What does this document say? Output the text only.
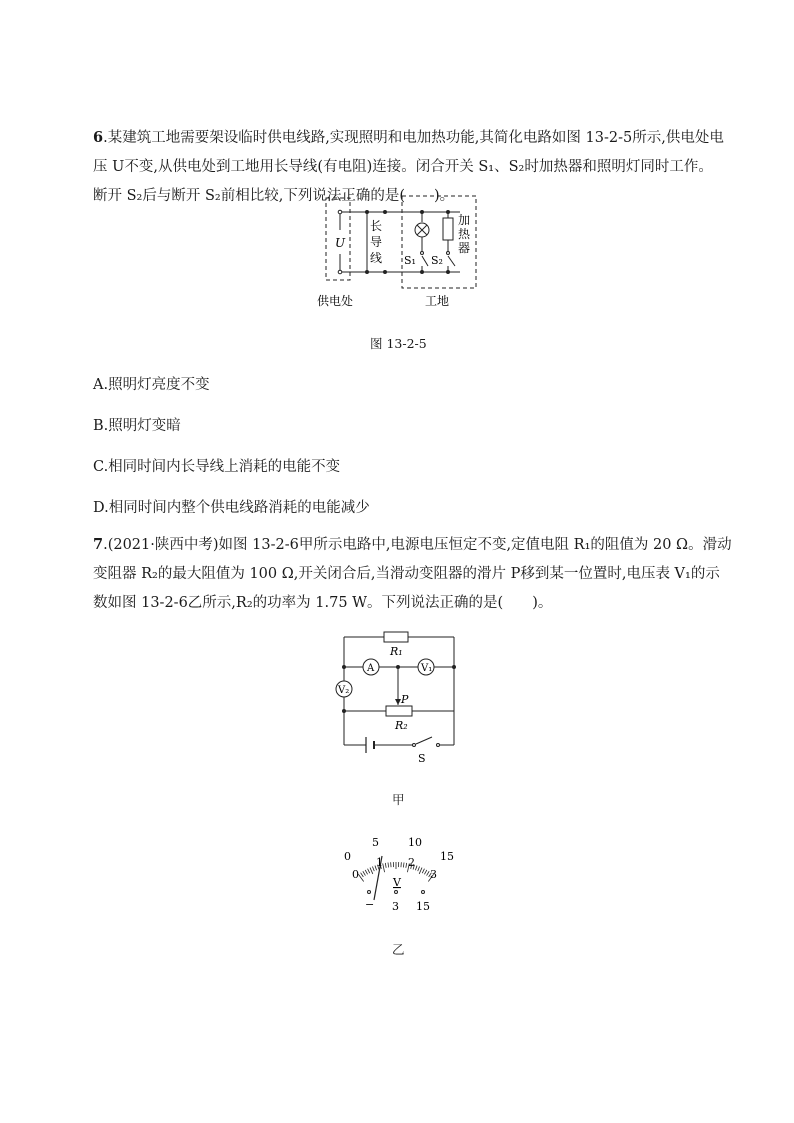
6.某建筑工地需要架设临时供电线路,实现照明和电加热功能,其简化电路如图 13-2-5所示,供电处电
压 U不变,从供电处到工地用长导线(有电阻)连接。闭合开关 S₁、S₂时加热器和照明灯同时工作。
断开 S₂后与断开 S₂前相比较,下列说法正确的是(　　)。
U
长
导
线
加
热
器
S₁ S₂
供电处	工地
图 13-2-5
A.照明灯亮度不变
B.照明灯变暗
C.相同时间内长导线上消耗的电能不变
D.相同时间内整个供电线路消耗的电能减少
7.(2021·陕西中考)如图 13-2-6甲所示电路中,电源电压恒定不变,定值电阻 R₁的阻值为 20 Ω。滑动
变阻器 R₂的最大阻值为 100 Ω,开关闭合后,当滑动变阻器的滑片 P移到某一位置时,电压表 V₁的示
数如图 13-2-6乙所示,R₂的功率为 1.75 W。下列说法正确的是(　　)。
A	V₁
V₂
R₁
P
R₂
S
甲
0
5	10
15
0
1 2
3
V
− 3 15
乙
